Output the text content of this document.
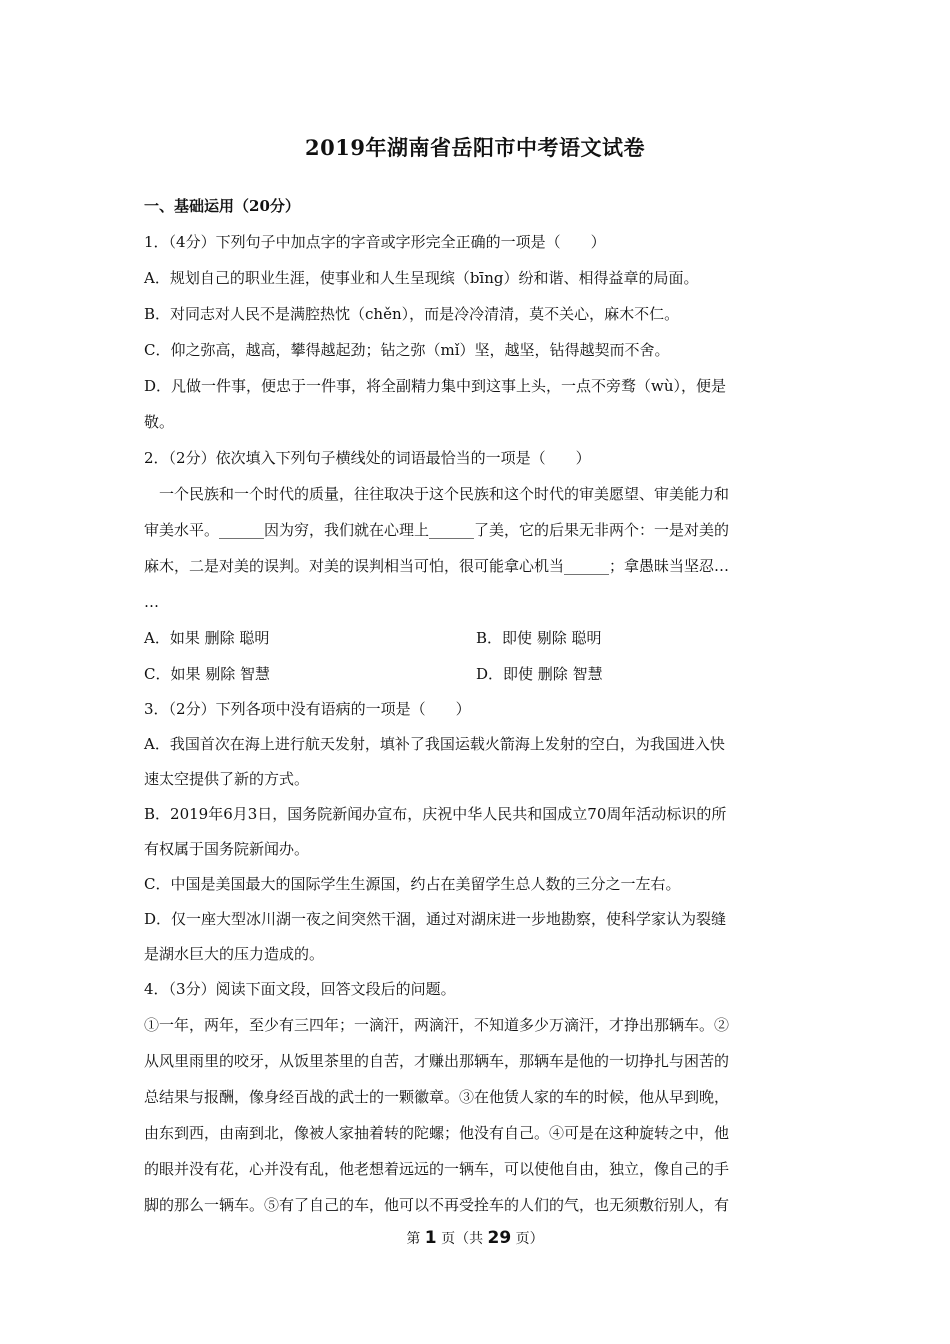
2019年湖南省岳阳市中考语文试卷
一、基础运用（20分）
1．（4分）下列句子中加点字的字音或字形完全正确的一项是（　　）
A．规划自己的职业生涯，使事业和人生呈现缤（bīng）纷和谐、相得益章的局面。
B．对同志对人民不是满腔热忱（chěn），而是冷冷清清，莫不关心，麻木不仁。
C．仰之弥高，越高，攀得越起劲；钻之弥（mǐ）坚，越坚，钻得越契而不舍。
D．凡做一件事，便忠于一件事，将全副精力集中到这事上头，一点不旁骛（wù），便是
敬。
2．（2分）依次填入下列句子横线处的词语最恰当的一项是（　　）
一个民族和一个时代的质量，往往取决于这个民族和这个时代的审美愿望、审美能力和
审美水平。______因为穷，我们就在心理上______了美，它的后果无非两个：一是对美的
麻木，二是对美的误判。对美的误判相当可怕，很可能拿心机当______；拿愚昧当坚忍…
…
A．如果 删除 聪明	B．即使 剔除 聪明
C．如果 剔除 智慧	D．即使 删除 智慧
3．（2分）下列各项中没有语病的一项是（　　）
A．我国首次在海上进行航天发射，填补了我国运载火箭海上发射的空白，为我国进入快
速太空提供了新的方式。
B．2019年6月3日，国务院新闻办宣布，庆祝中华人民共和国成立70周年活动标识的所
有权属于国务院新闻办。
C．中国是美国最大的国际学生生源国，约占在美留学生总人数的三分之一左右。
D．仅一座大型冰川湖一夜之间突然干涸，通过对湖床进一步地勘察，使科学家认为裂缝
是湖水巨大的压力造成的。
4．（3分）阅读下面文段，回答文段后的问题。
①一年，两年，至少有三四年；一滴汗，两滴汗，不知道多少万滴汗，才挣出那辆车。②
从风里雨里的咬牙，从饭里茶里的自苦，才赚出那辆车，那辆车是他的一切挣扎与困苦的
总结果与报酬，像身经百战的武士的一颗徽章。③在他赁人家的车的时候，他从早到晚，
由东到西，由南到北，像被人家抽着转的陀螺；他没有自己。④可是在这种旋转之中，他
的眼并没有花，心并没有乱，他老想着远远的一辆车，可以使他自由，独立，像自己的手
脚的那么一辆车。⑤有了自己的车，他可以不再受拴车的人们的气，也无须敷衍别人，有
第 1 页（共 29 页）
